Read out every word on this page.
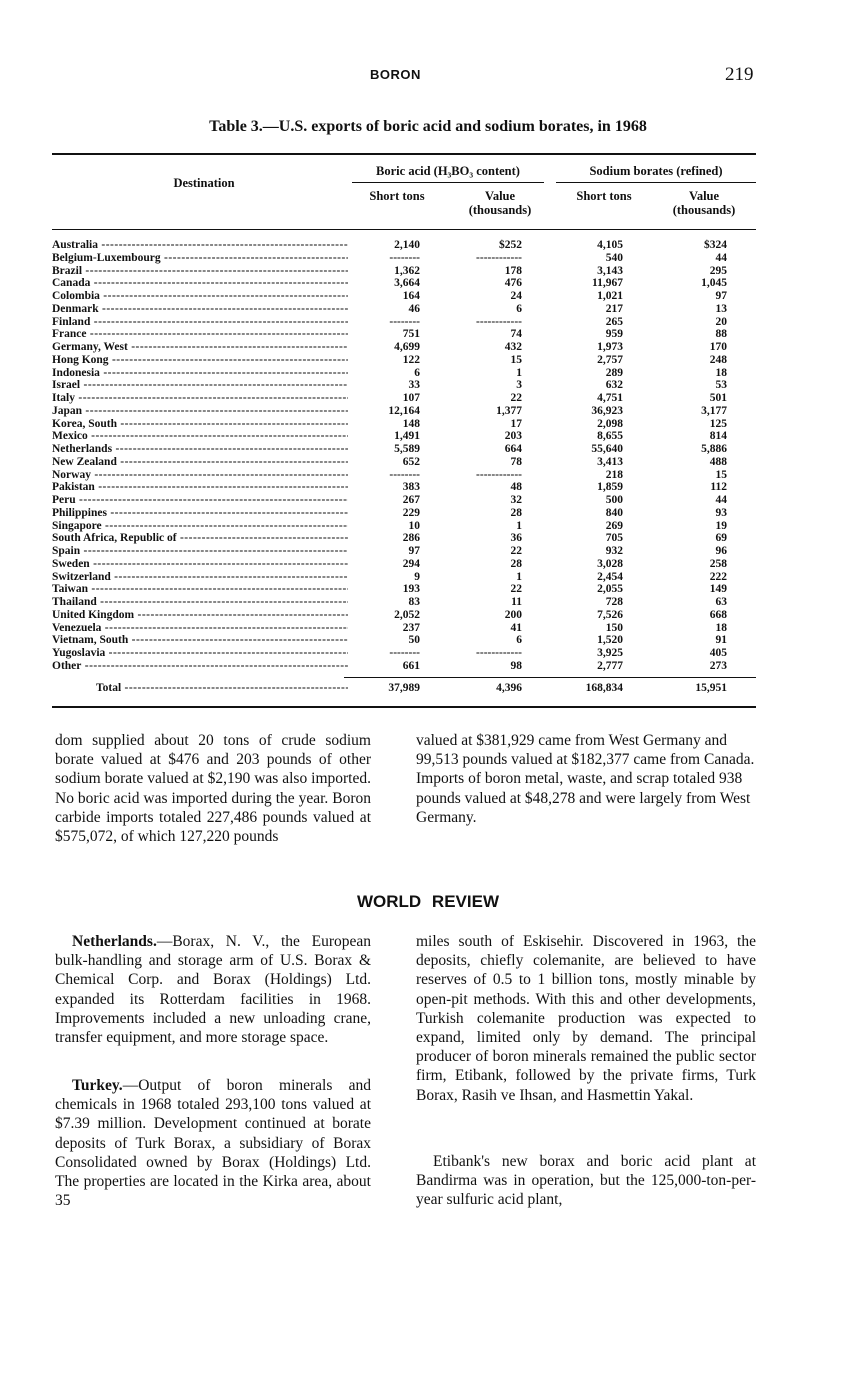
BORON	219
Table 3.—U.S. exports of boric acid and sodium borates, in 1968
Destination
Boric acid (H₃BO₃ content)	Sodium borates (refined)
Short tons	Value
(thousands)
Short tons	Value
(thousands)
Australia -----	2,140	$252	4,105	$324
Belgium-Luxembourg -----	--------	------------	540	44
Brazil -----	1,362	178	3,143	295
Canada -----	3,664	476	11,967	1,045
Colombia -----	164	24	1,021	97
Denmark -----	46	6	217	13
Finland -----	--------	------------	265	20
France -----	751	74	959	88
Germany, West -----	4,699	432	1,973	170
Hong Kong -----	122	15	2,757	248
Indonesia -----	6	1	289	18
Israel -----	33	3	632	53
Italy -----	107	22	4,751	501
Japan -----	12,164	1,377	36,923	3,177
Korea, South -----	148	17	2,098	125
Mexico -----	1,491	203	8,655	814
Netherlands -----	5,589	664	55,640	5,886
New Zealand -----	652	78	3,413	488
Norway -----	--------	------------	218	15
Pakistan -----	383	48	1,859	112
Peru -----	267	32	500	44
Philippines -----	229	28	840	93
Singapore -----	10	1	269	19
South Africa, Republic of -----	286	36	705	69
Spain -----	97	22	932	96
Sweden -----	294	28	3,028	258
Switzerland -----	9	1	2,454	222
Taiwan -----	193	22	2,055	149
Thailand -----	83	11	728	63
United Kingdom -----	2,052	200	7,526	668
Venezuela -----	237	41	150	18
Vietnam, South -----	50	6	1,520	91
Yugoslavia -----	--------	------------	3,925	405
Other -----	661	98	2,777	273
Total -----	37,989	4,396	168,834	15,951
dom supplied about 20 tons of crude sodium borate valued at $476 and 203 pounds of other sodium borate valued at $2,190 was also imported. No boric acid was imported during the year. Boron carbide imports totaled 227,486 pounds valued at $575,072, of which 127,220 pounds
valued at $381,929 came from West Germany and 99,513 pounds valued at $182,377 came from Canada. Imports of boron metal, waste, and scrap totaled 938 pounds valued at $48,278 and were largely from West Germany.
WORLD REVIEW
Netherlands.—Borax, N. V., the European bulk-handling and storage arm of U.S. Borax & Chemical Corp. and Borax (Holdings) Ltd. expanded its Rotterdam facilities in 1968. Improvements included a new unloading crane, transfer equipment, and more storage space.
Turkey.—Output of boron minerals and chemicals in 1968 totaled 293,100 tons valued at $7.39 million. Development continued at borate deposits of Turk Borax, a subsidiary of Borax Consolidated owned by Borax (Holdings) Ltd. The properties are located in the Kirka area, about 35
miles south of Eskisehir. Discovered in 1963, the deposits, chiefly colemanite, are believed to have reserves of 0.5 to 1 billion tons, mostly minable by open-pit methods. With this and other developments, Turkish colemanite production was expected to expand, limited only by demand. The principal producer of boron minerals remained the public sector firm, Etibank, followed by the private firms, Turk Borax, Rasih ve Ihsan, and Hasmettin Yakal.
Etibank's new borax and boric acid plant at Bandirma was in operation, but the 125,000-ton-per-year sulfuric acid plant,
